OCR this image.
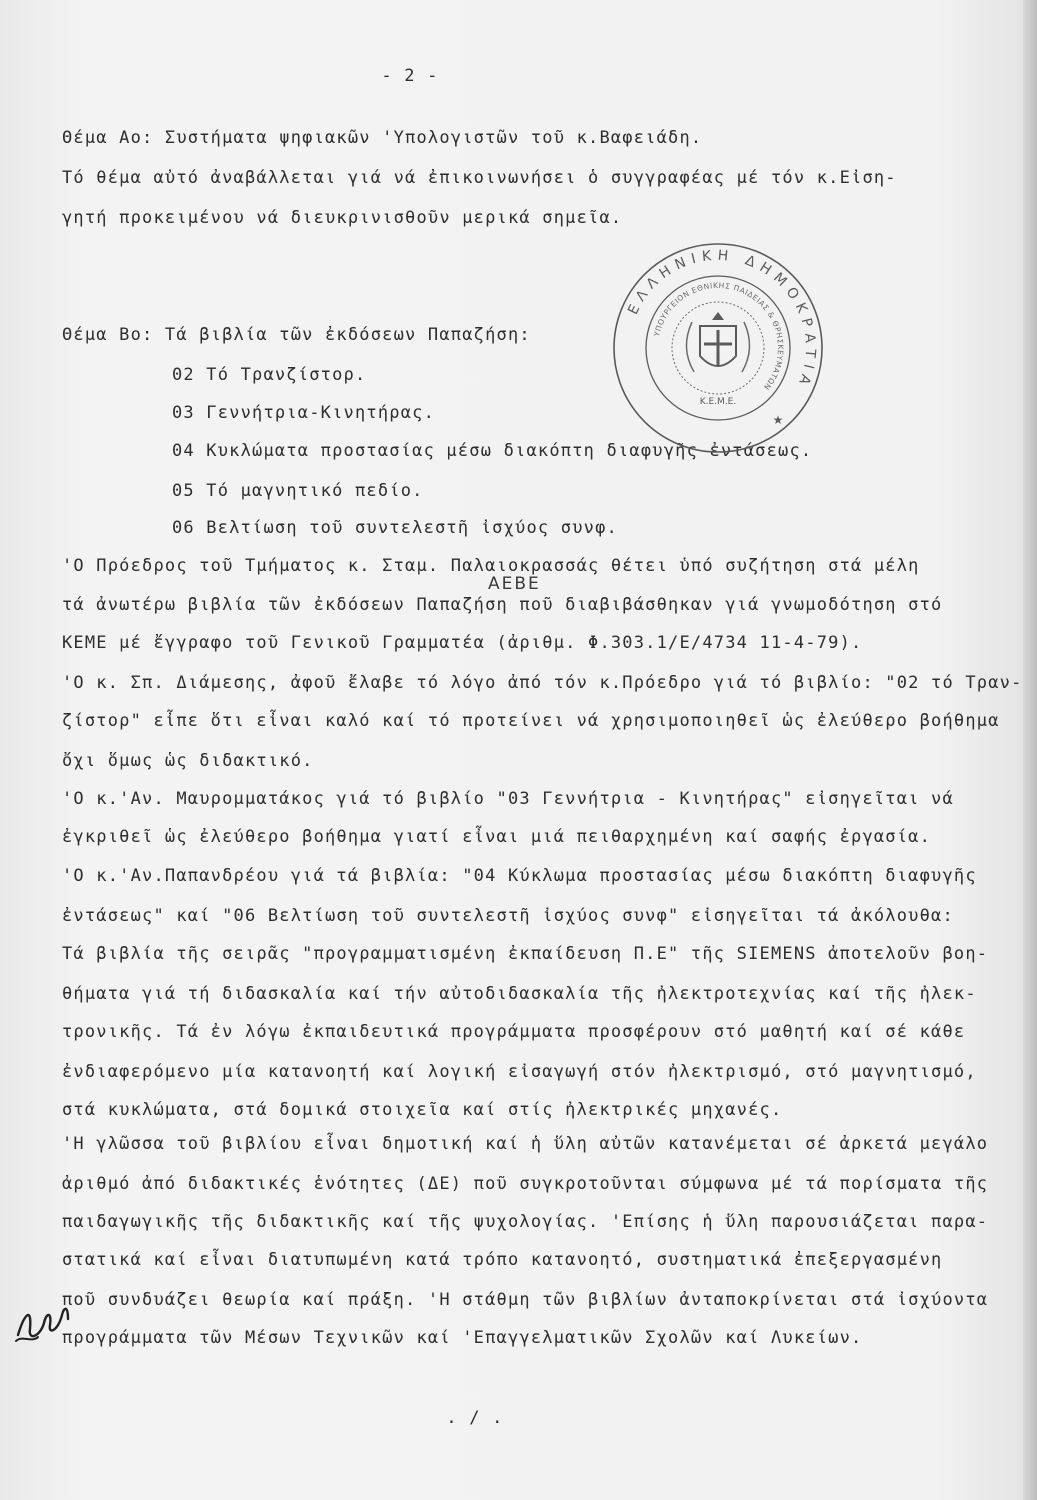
- 2 -
Θέμα Αο: Συστήματα ψηφιακῶν 'Υπολογιστῶν τοῦ κ.Βαφειάδη.
Τό θέμα αὐτό ἀναβάλλεται γιά νά ἐπικοινωνήσει ὁ συγγραφέας μέ τόν κ.Εἰση-
γητή προκειμένου νά διευκρινισθοῦν μερικά σημεῖα.
Θέμα Βο: Τά βιβλία τῶν ἐκδόσεων Παπαζήση:
02 Τό Τρανζίστορ.
03 Γεννήτρια-Κινητήρας.
04 Κυκλώματα προστασίας μέσω διακόπτη διαφυγῆς ἐντάσεως.
05 Τό μαγνητικό πεδίο.
06 Βελτίωση τοῦ συντελεστῆ ἰσχύος συνφ.
'Ο Πρόεδρος τοῦ Τμήματος κ. Σταμ. Παλαιοκρασσάς θέτει ὑπό συζήτηση στά μέλη
ΑΕΒΕ
τά ἀνωτέρω βιβλία τῶν ἐκδόσεων Παπαζήση ποῦ διαβιβάσθηκαν γιά γνωμοδότηση στό
ΚΕΜΕ μέ ἔγγραφο τοῦ Γενικοῦ Γραμματέα (ἀριθμ. Φ.303.1/Ε/4734 11-4-79).
'Ο κ. Σπ. Διάμεσης, ἀφοῦ ἔλαβε τό λόγο ἀπό τόν κ.Πρόεδρο γιά τό βιβλίο: "02 τό Τραν-
ζίστορ" εἶπε ὅτι εἶναι καλό καί τό προτείνει νά χρησιμοποιηθεῖ ὡς ἐλεύθερο βοήθημα
ὄχι ὅμως ὡς διδακτικό.
'Ο κ.'Αν. Μαυρομματάκος γιά τό βιβλίο "03 Γεννήτρια - Κινητήρας" εἰσηγεῖται νά
ἐγκριθεῖ ὡς ἐλεύθερο βοήθημα γιατί εἶναι μιά πειθαρχημένη καί σαφής ἐργασία.
'Ο κ.'Αν.Παπανδρέου γιά τά βιβλία: "04 Κύκλωμα προστασίας μέσω διακόπτη διαφυγῆς
ἐντάσεως" καί "06 Βελτίωση τοῦ συντελεστῆ ἰσχύος συνφ" εἰσηγεῖται τά ἀκόλουθα:
Τά βιβλία τῆς σειρᾶς "προγραμματισμένη ἐκπαίδευση Π.Ε" τῆς SIEMENS ἀποτελοῦν βοη-
θήματα γιά τή διδασκαλία καί τήν αὐτοδιδασκαλία τῆς ἠλεκτροτεχνίας καί τῆς ἠλεκ-
τρονικῆς. Τά ἐν λόγω ἐκπαιδευτικά προγράμματα προσφέρουν στό μαθητή καί σέ κάθε
ἐνδιαφερόμενο μία κατανοητή καί λογική εἰσαγωγή στόν ἠλεκτρισμό, στό μαγνητισμό,
στά κυκλώματα, στά δομικά στοιχεῖα καί στίς ἠλεκτρικές μηχανές.
'Η γλῶσσα τοῦ βιβλίου εἶναι δημοτική καί ἡ ὕλη αὐτῶν κατανέμεται σέ ἀρκετά μεγάλο
ἀριθμό ἀπό διδακτικές ἑνότητες (ΔΕ) ποῦ συγκροτοῦνται σύμφωνα μέ τά πορίσματα τῆς
παιδαγωγικῆς τῆς διδακτικῆς καί τῆς ψυχολογίας. 'Επίσης ἡ ὕλη παρουσιάζεται παρα-
στατικά καί εἶναι διατυπωμένη κατά τρόπο κατανοητό, συστηματικά ἐπεξεργασμένη
ποῦ συνδυάζει θεωρία καί πράξη. 'Η στάθμη τῶν βιβλίων ἀνταποκρίνεται στά ἰσχύοντα
προγράμματα τῶν Μέσων Τεχνικῶν καί 'Επαγγελματικῶν Σχολῶν καί Λυκείων.
. / .
ΕΛΛΗΝΙΚΗ ΔΗΜΟΚΡΑΤΙΑ
ΥΠΟΥΡΓΕΙΟΝ ΕΘΝΙΚΗΣ ΠΑΙΔΕΙΑΣ & ΘΡΗΣΚΕΥΜΑΤΩΝ
Κ.Ε.Μ.Ε.
★
